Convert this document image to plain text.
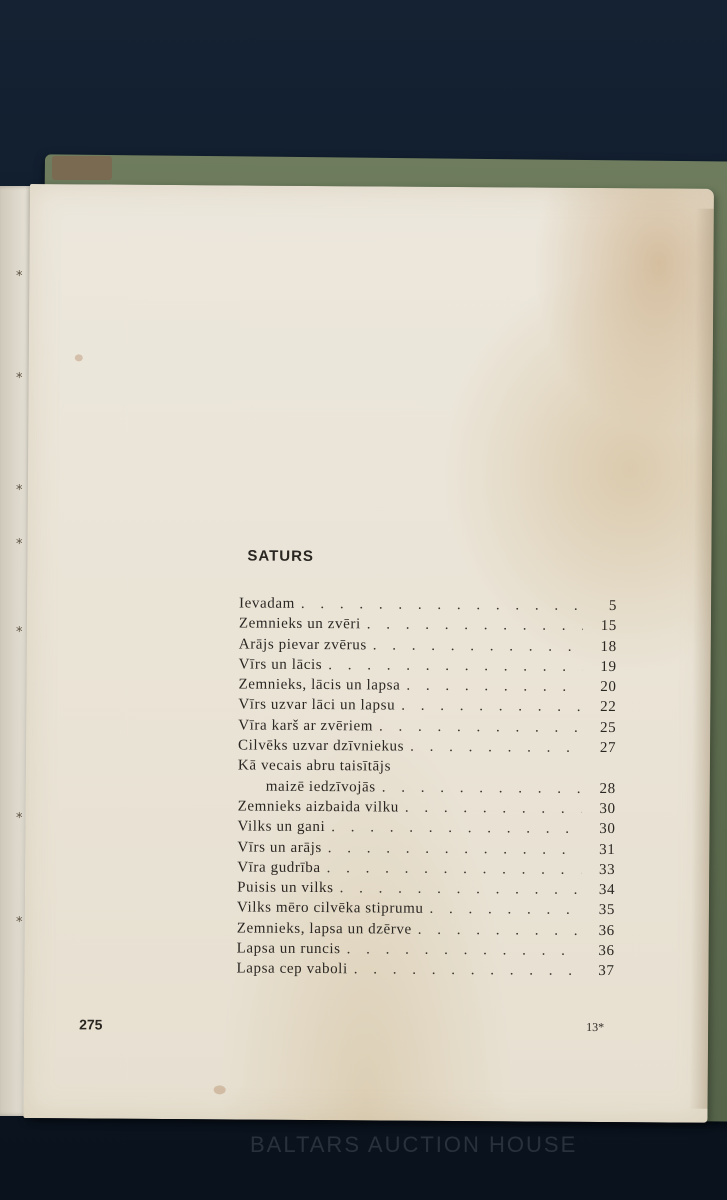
*
*
*
*
*
*
*
SATURS
Ievadam . . .	5
Zemnieks un zvēri . . .	15
Arājs pievar zvērus . . .	18
Vīrs un lācis . . .	19
Zemnieks, lācis un lapsa . . .	20
Vīrs uzvar lāci un lapsu . . .	22
Vīra karš ar zvēriem . . .	25
Cilvēks uzvar dzīvniekus . . .	27
Kā vecais abru taisītājs
maizē iedzīvojās . . .	28
Zemnieks aizbaida vilku . . .	30
Vilks un gani . . .	30
Vīrs un arājs . . .	31
Vīra gudrība . . .	33
Puisis un vilks . . .	34
Vilks mēro cilvēka stiprumu . . .	35
Zemnieks, lapsa un dzērve . . .	36
Lapsa un runcis . . .	36
Lapsa cep vaboli . . .	37
275	13*
BALTARS AUCTION HOUSE
